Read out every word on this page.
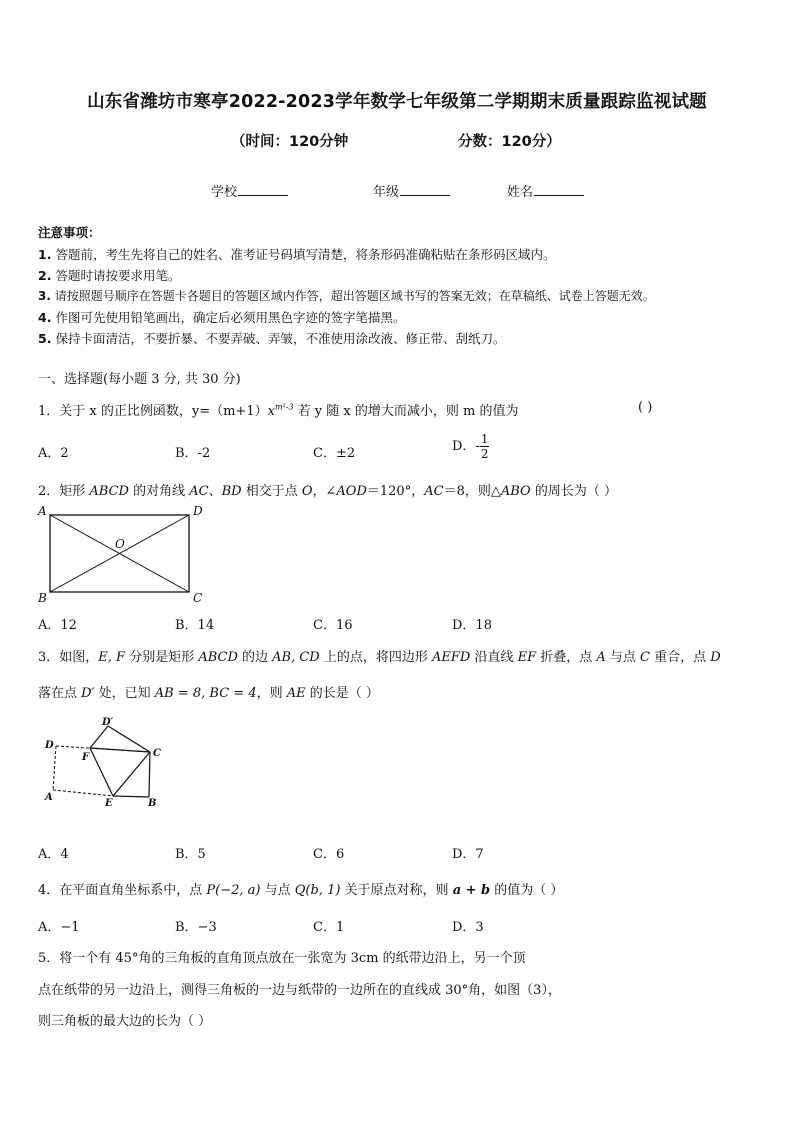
山东省潍坊市寒亭2022-2023学年数学七年级第二学期期末质量跟踪监视试题
（时间：120分钟	分数：120分）
学校	年级	姓名
注意事项：
1. 答题前，考生先将自己的姓名、准考证号码填写清楚，将条形码准确粘贴在条形码区域内。
2. 答题时请按要求用笔。
3. 请按照题号顺序在答题卡各题目的答题区域内作答，超出答题区域书写的答案无效；在草稿纸、试卷上答题无效。
4. 作图可先使用铅笔画出，确定后必须用黑色字迹的签字笔描黑。
5. 保持卡面清洁，不要折暴、不要弄破、弄皱，不准使用涂改液、修正带、刮纸刀。
一、选择题(每小题 3 分, 共 30 分)
1．关于 x 的正比例函数，$y=(m+1)x^{m^2-3}$ 若 y 随 x 的增大而减小，则 m 的值为	( )
A．2	B．-2	C．±2	D．- $\frac{1}{2}$
2．矩形 ABCD 的对角线 AC、BD 相交于点 O，∠AOD＝120°，AC＝8，则△ABO 的周长为（ ）
A	D
B	C
O
A．12	B．14	C．16	D．18
3．如图，E, F 分别是矩形 ABCD 的边 AB, CD 上的点，将四边形 AEFD 沿直线 EF 折叠，点 A 与点 C 重合，点 D
落在点 D′ 处，已知 AB = 8, BC = 4，则 AE 的长是（ ）
D′
D
C
F
A
E	B
A．4	B．5	C．6	D．7
4．在平面直角坐标系中，点 P(−2, a) 与点 Q(b, 1) 关于原点对称，则 a + b 的值为（ ）
A．−1	B．−3	C．1	D．3
5．将一个有 45°角的三角板的直角顶点放在一张宽为 3cm 的纸带边沿上，另一个顶
点在纸带的另一边沿上，测得三角板的一边与纸带的一边所在的直线成 30°角，如图（3），
则三角板的最大边的长为（ ）
